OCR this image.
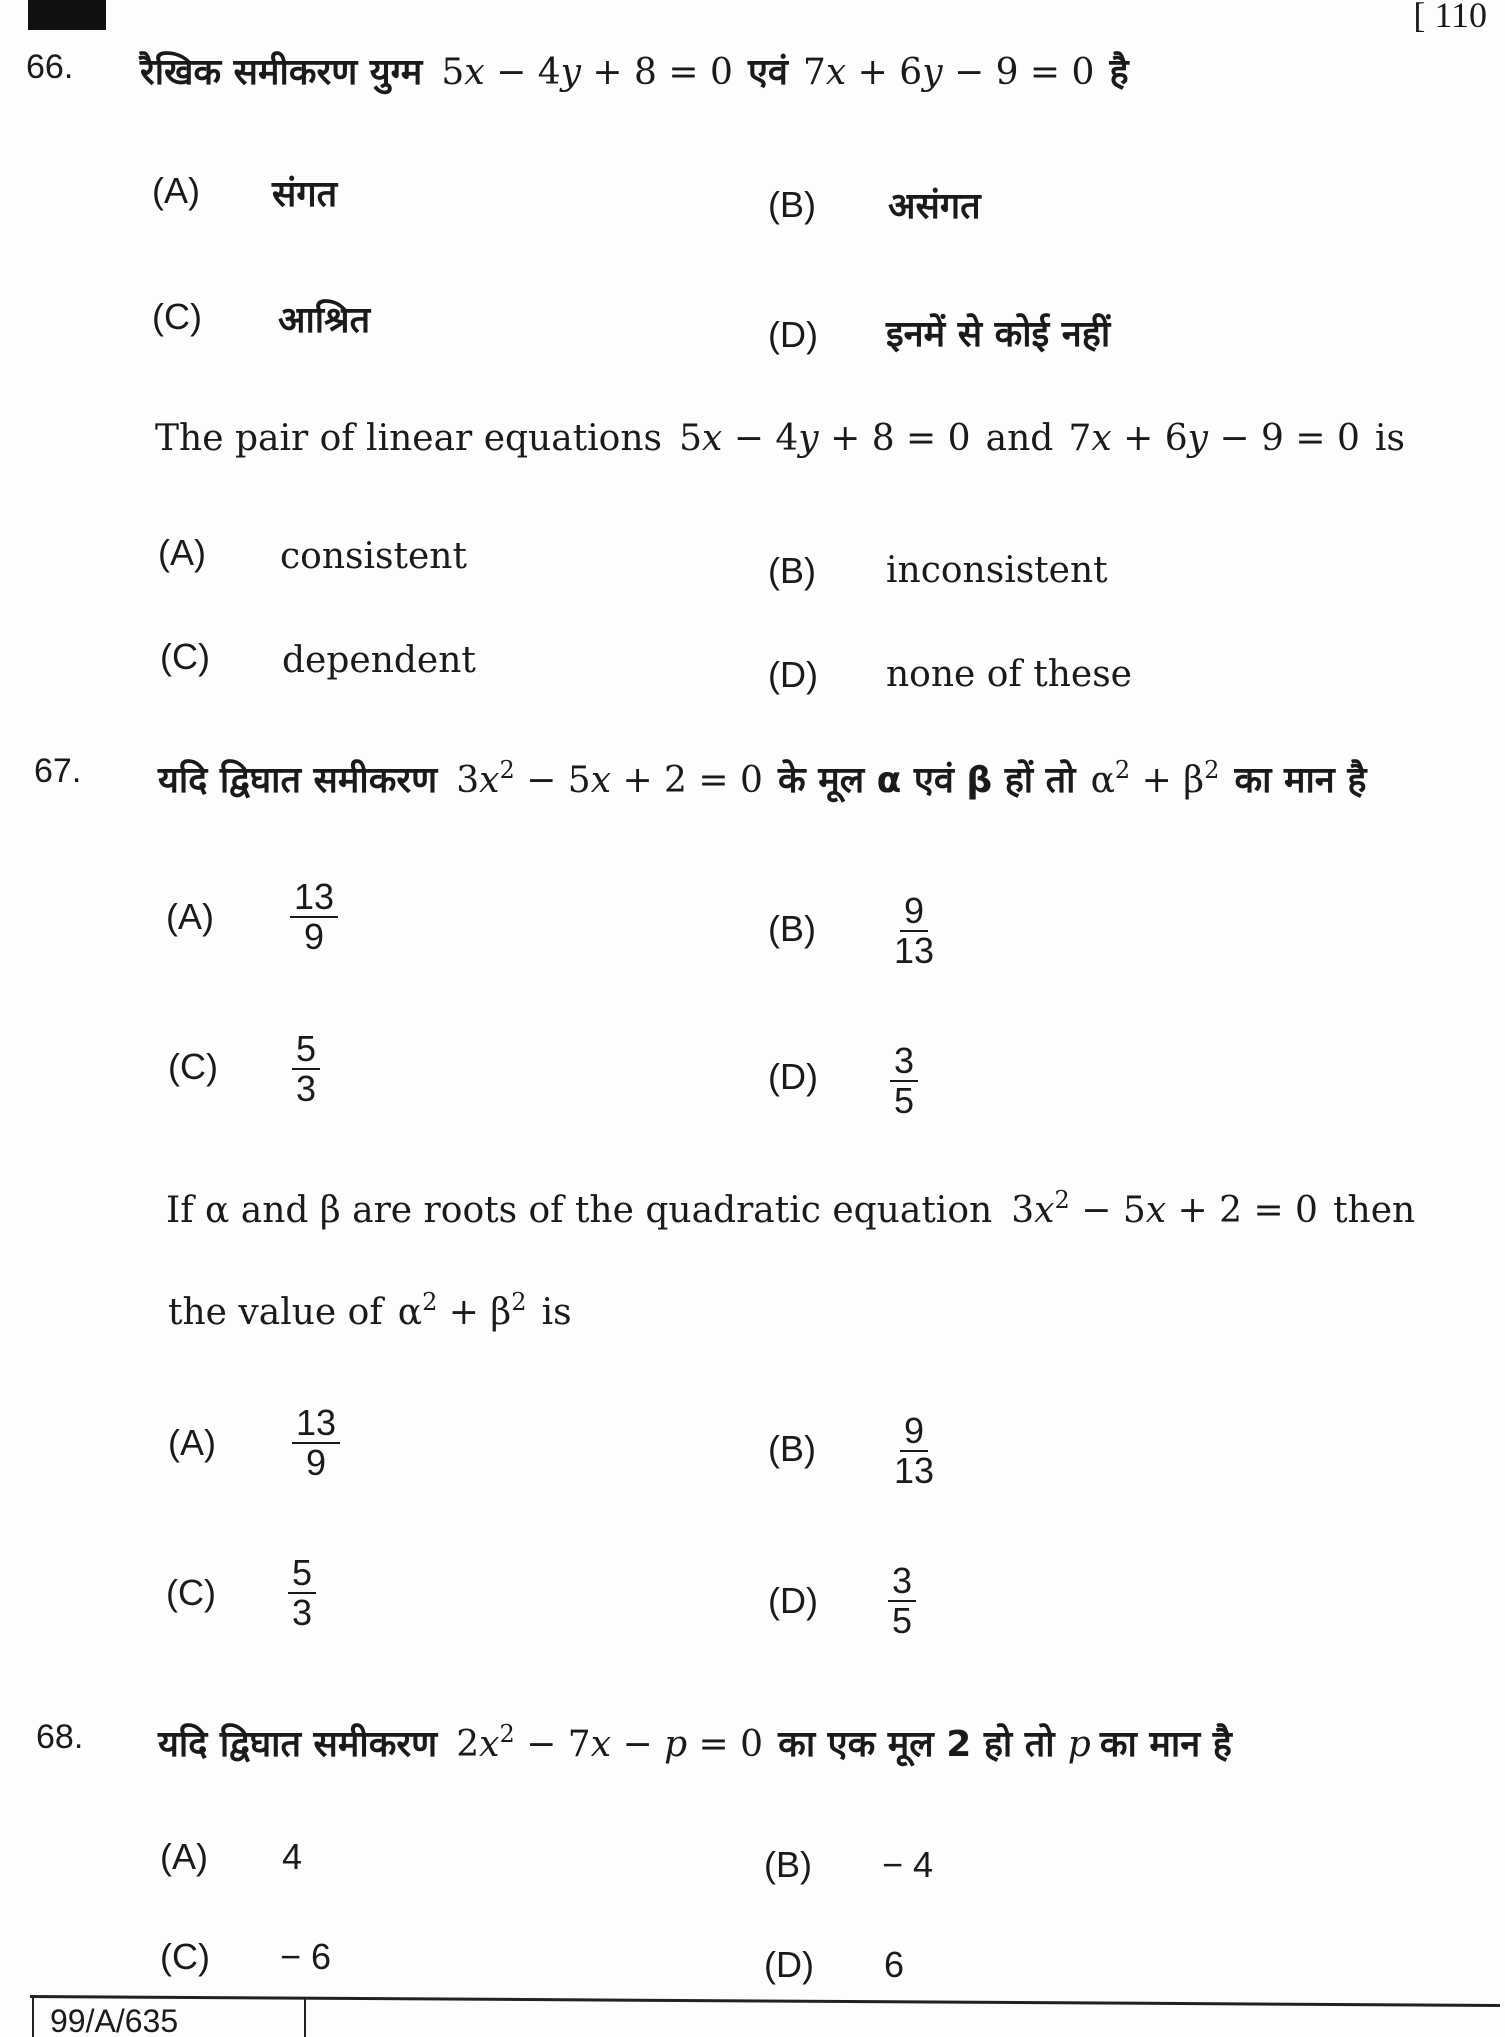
[ 110
66. रैखिक समीकरण युग्म 5x − 4y + 8 = 0 एवं 7x + 6y − 9 = 0 है
(A) संगत	(B) असंगत
(C) आश्रित	(D) इनमें से कोई नहीं
The pair of linear equations 5x − 4y + 8 = 0 and 7x + 6y − 9 = 0 is
(A) consistent	(B) inconsistent
(C) dependent	(D) none of these
67. यदि द्विघात समीकरण $3x^2 - 5x + 2 = 0$ के मूल α एवं β हों तो $\alpha^2 + \beta^2$ का मान है
$(A) \frac{13}{9}$	$(B) \frac{9}{13}$
$(C) \frac{5}{3}$	$(D) \frac{3}{5}$
If α and β are roots of the quadratic equation $3x^2 - 5x + 2 = 0$ then
the value of $\alpha^2 + \beta^2$ is
$(A) \frac{13}{9}$	$(B) \frac{9}{13}$
$(C) \frac{5}{3}$	$(D) \frac{3}{5}$
68. यदि द्विघात समीकरण $2x^2 - 7x - p = 0$ का एक मूल 2 हो तो p का मान है
(A) 4	(B) − 4
(C) − 6	(D) 6
99/A/635
